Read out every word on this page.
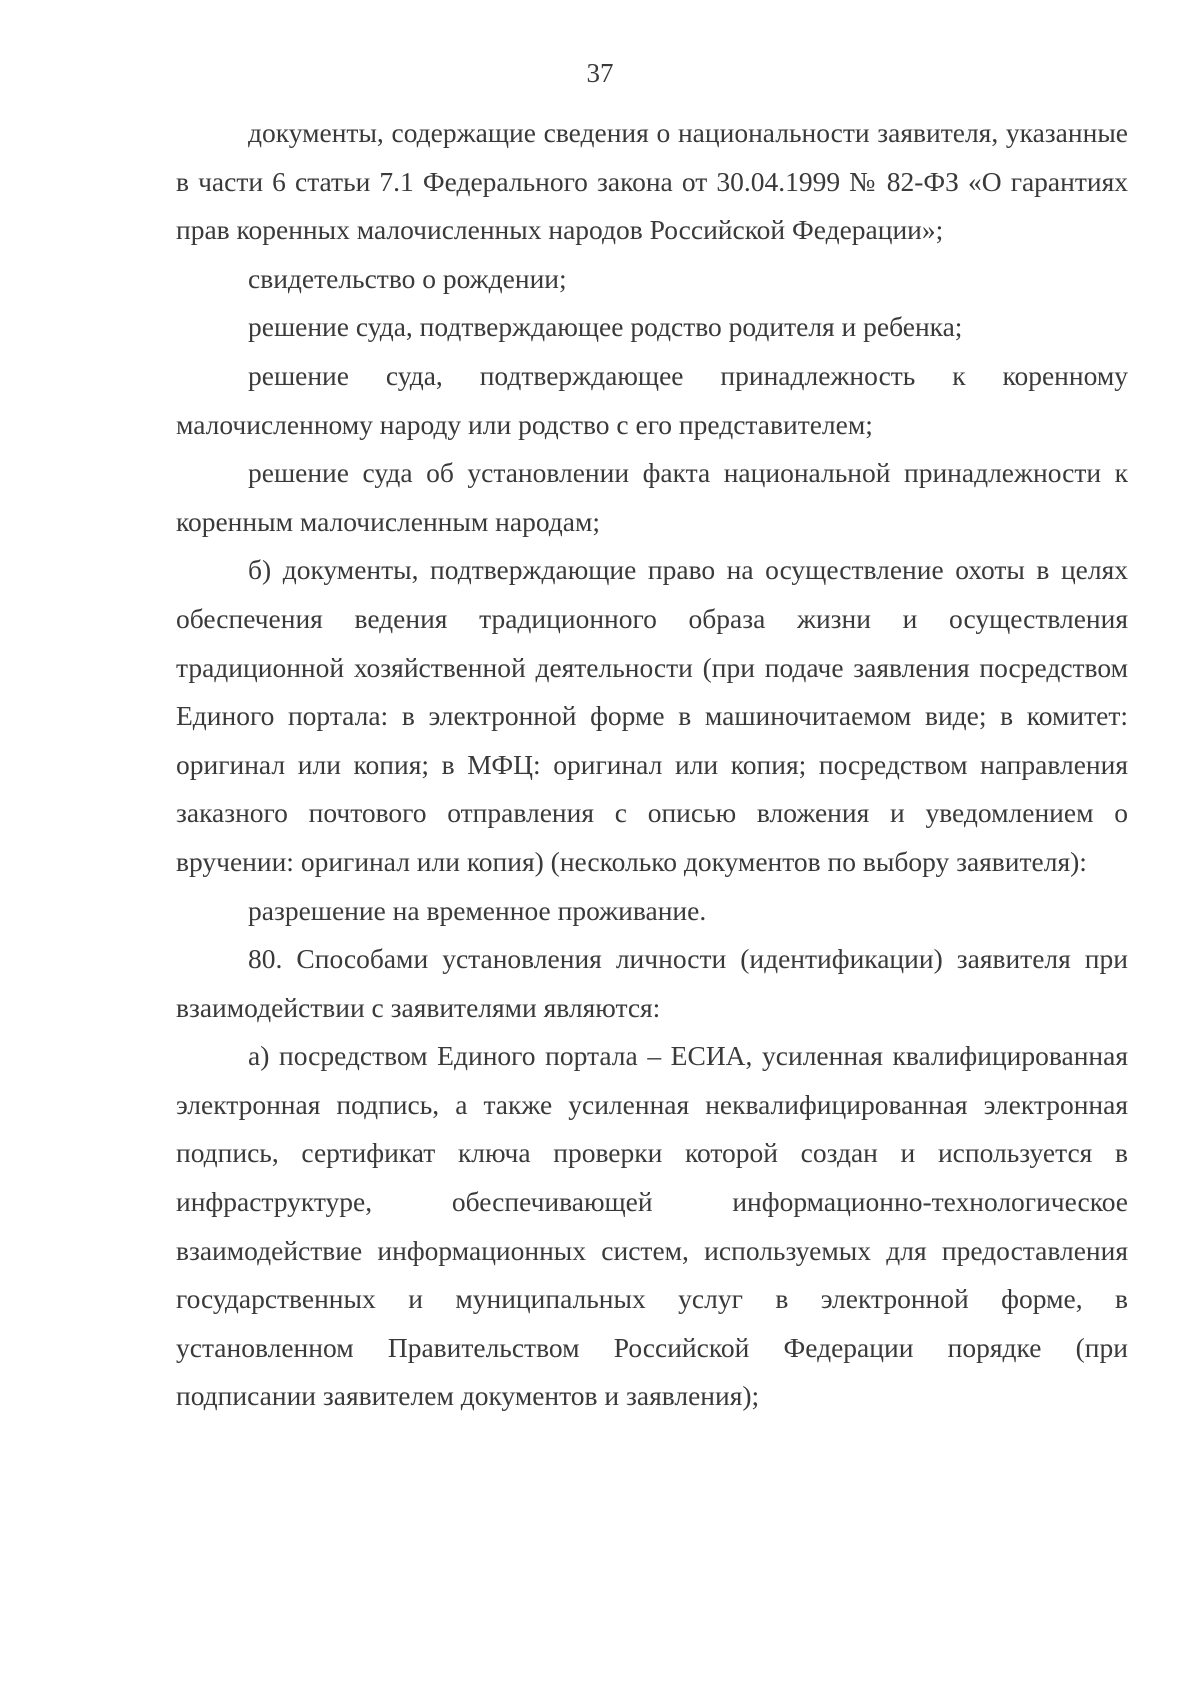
37

документы, содержащие сведения о национальности заявителя, указанные в части 6 статьи 7.1 Федерального закона от 30.04.1999 № 82-ФЗ «О гарантиях прав коренных малочисленных народов Российской Федерации»;

свидетельство о рождении;

решение суда, подтверждающее родство родителя и ребенка;

решение суда, подтверждающее принадлежность к коренному малочисленному народу или родство с его представителем;

решение суда об установлении факта национальной принадлежности к коренным малочисленным народам;

б) документы, подтверждающие право на осуществление охоты в целях обеспечения ведения традиционного образа жизни и осуществления традиционной хозяйственной деятельности (при подаче заявления посредством Единого портала: в электронной форме в машиночитаемом виде; в комитет: оригинал или копия; в МФЦ: оригинал или копия; посредством направления заказного почтового отправления с описью вложения и уведомлением о вручении: оригинал или копия) (несколько документов по выбору заявителя):

разрешение на временное проживание.

80. Способами установления личности (идентификации) заявителя при взаимодействии с заявителями являются:

а) посредством Единого портала – ЕСИА, усиленная квалифицированная электронная подпись, а также усиленная неквалифицированная электронная подпись, сертификат ключа проверки которой создан и используется в инфраструктуре, обеспечивающей информационно-технологическое взаимодействие информационных систем, используемых для предоставления государственных и муниципальных услуг в электронной форме, в установленном Правительством Российской Федерации порядке (при подписании заявителем документов и заявления);
